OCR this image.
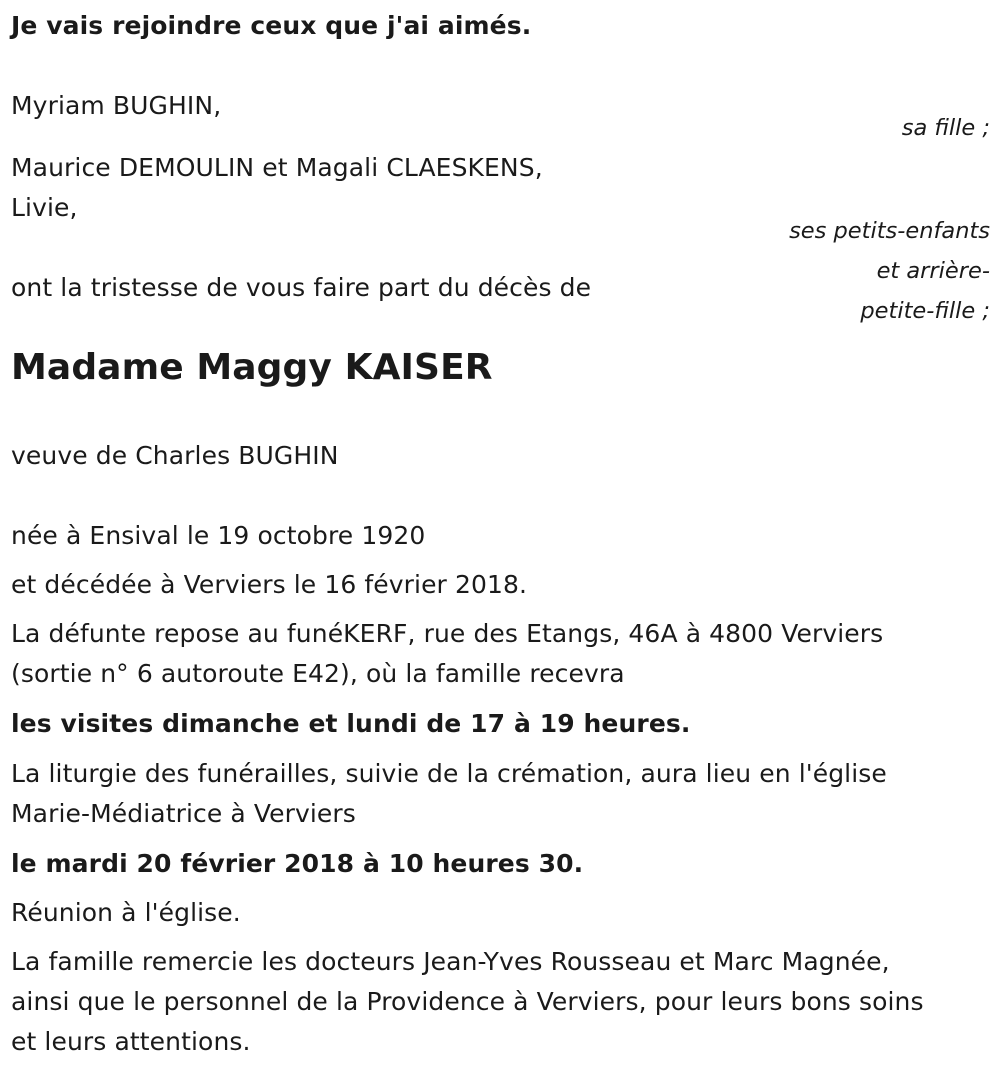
Je vais rejoindre ceux que j'ai aimés.
Myriam BUGHIN,
sa fille ;
Maurice DEMOULIN et Magali CLAESKENS,
Livie,
ses petits-enfants
et arrière-
petite-fille ;
ont la tristesse de vous faire part du décès de
Madame Maggy KAISER
veuve de Charles BUGHIN
née à Ensival le 19 octobre 1920
et décédée à Verviers le 16 février 2018.
La défunte repose au funéKERF, rue des Etangs, 46A à 4800 Verviers
(sortie n° 6 autoroute E42), où la famille recevra
les visites dimanche et lundi de 17 à 19 heures.
La liturgie des funérailles, suivie de la crémation, aura lieu en l'église
Marie-Médiatrice à Verviers
le mardi 20 février 2018 à 10 heures 30.
Réunion à l'église.
La famille remercie les docteurs Jean-Yves Rousseau et Marc Magnée,
ainsi que le personnel de la Providence à Verviers, pour leurs bons soins
et leurs attentions.
